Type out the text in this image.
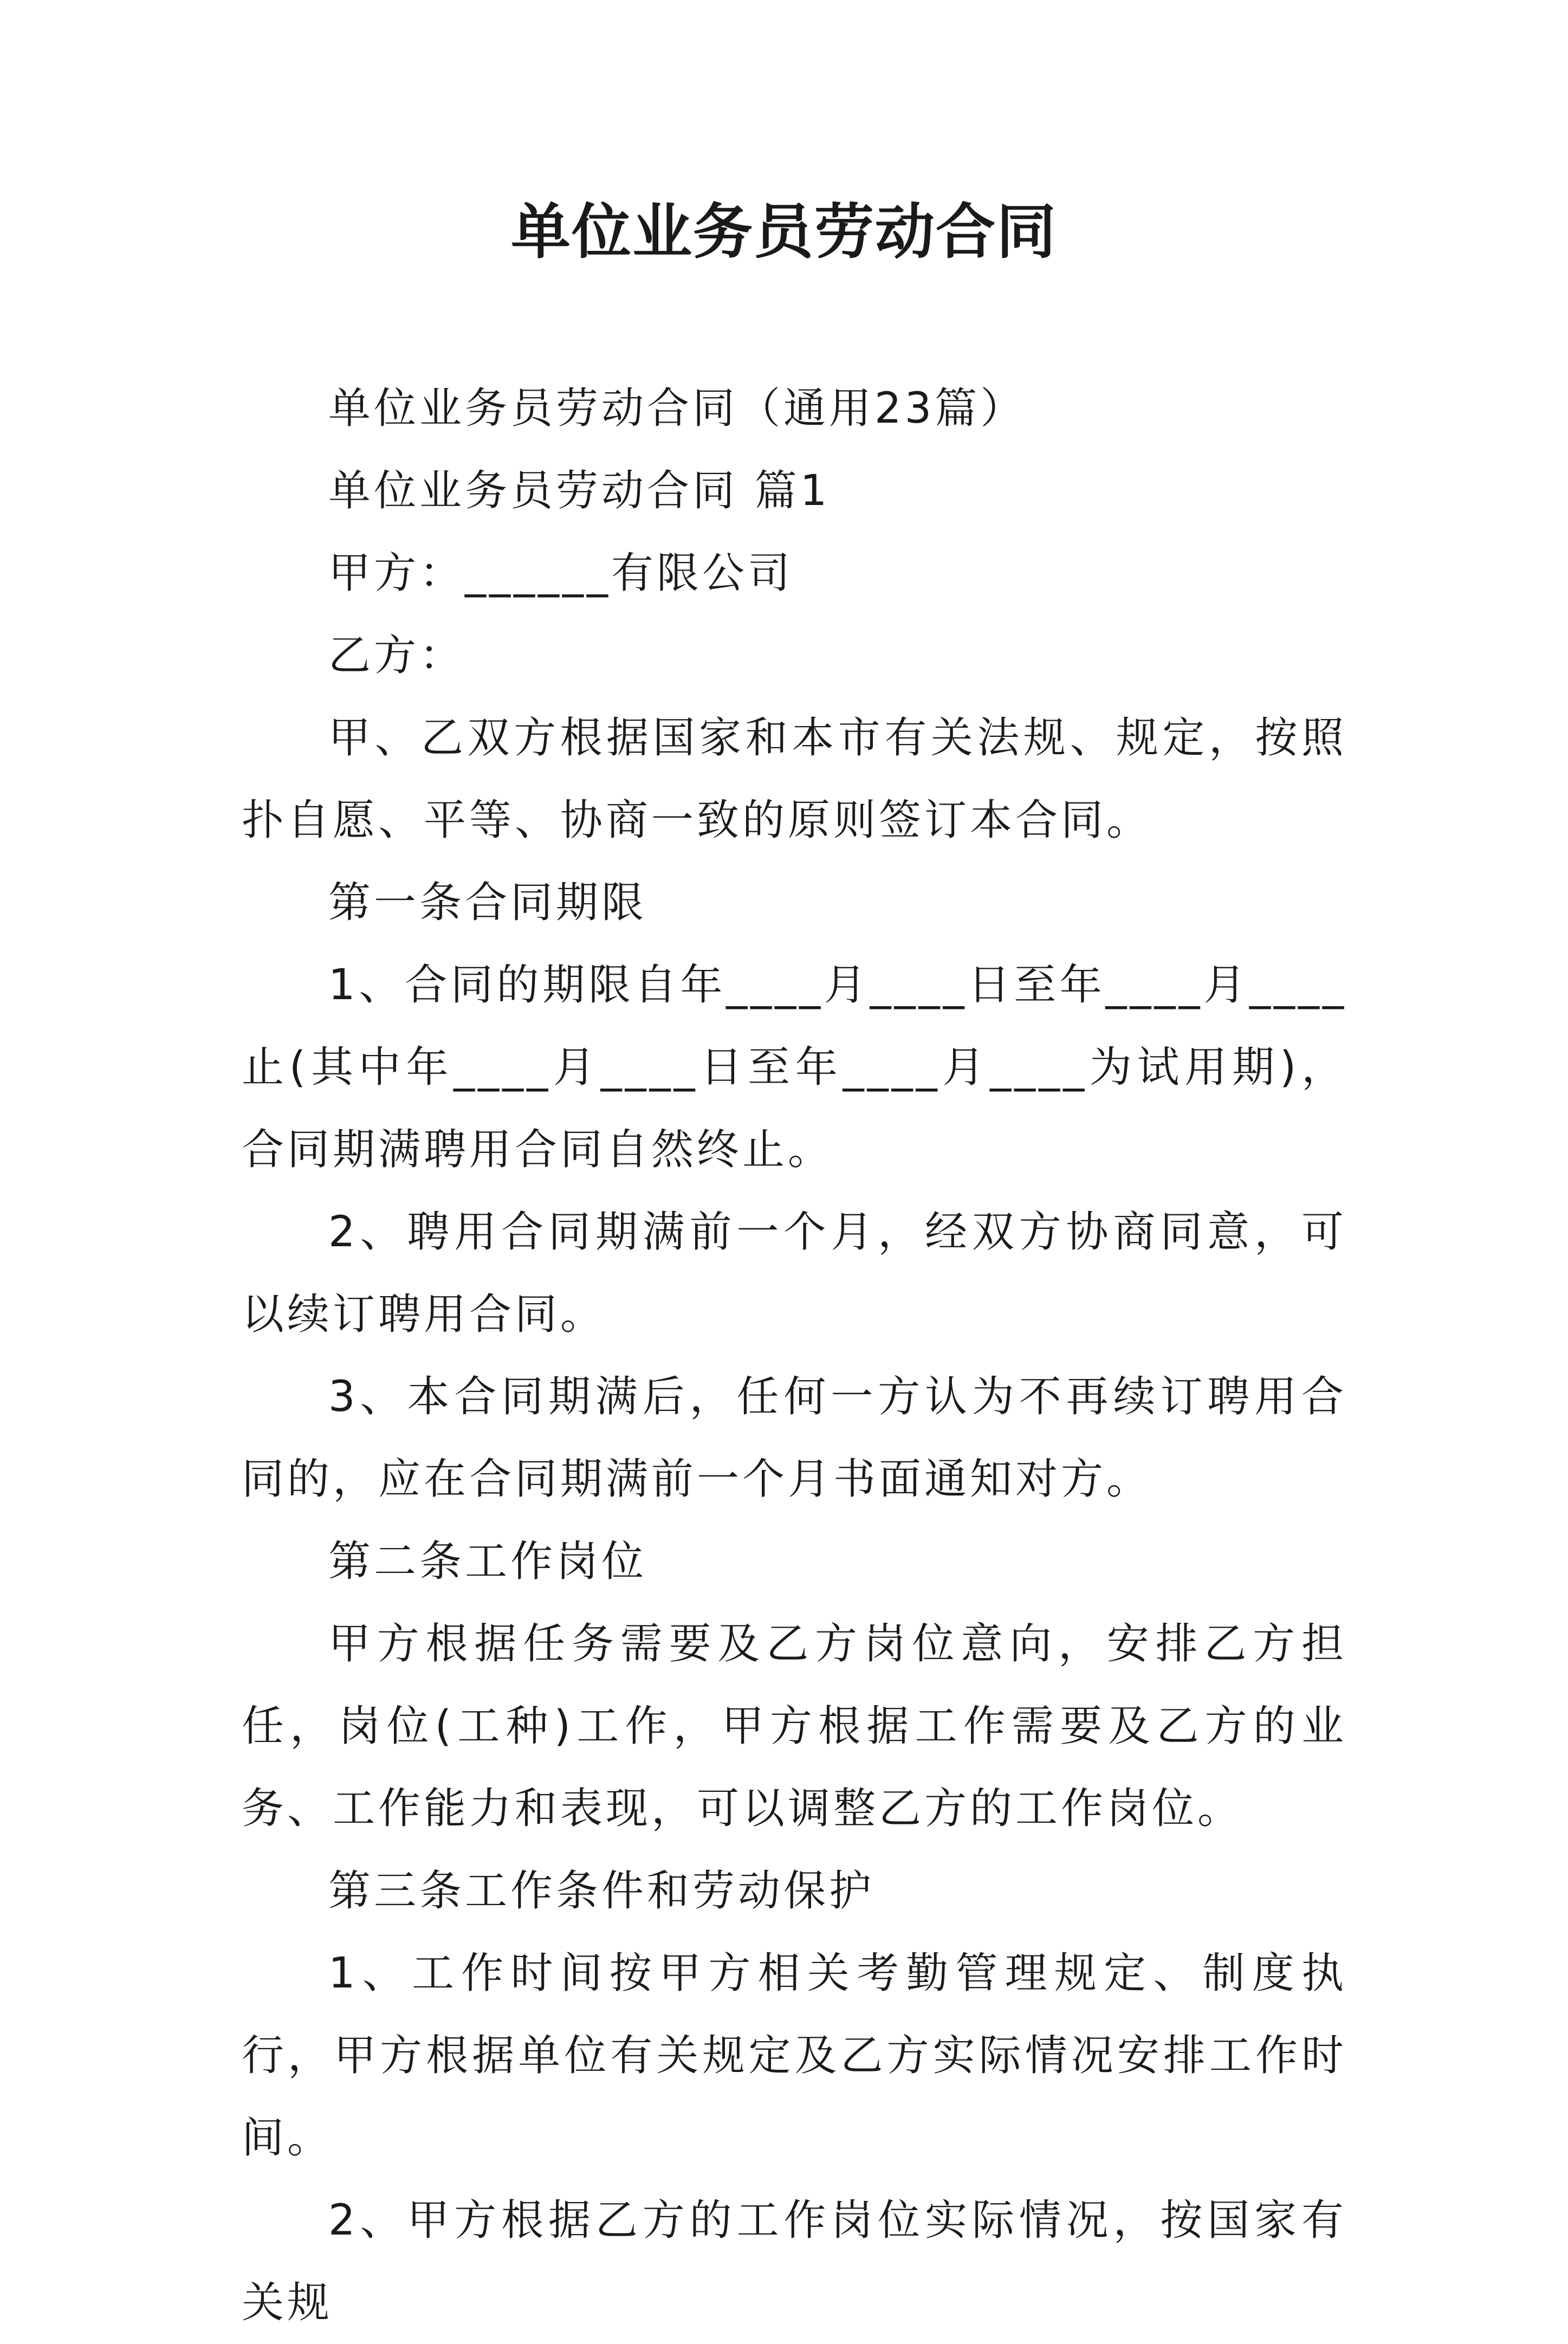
单位业务员劳动合同

单位业务员劳动合同（通用23篇）

单位业务员劳动合同 篇1

甲方：______有限公司

乙方：

甲、乙双方根据国家和本市有关法规、规定，按照扑自愿、平等、协商一致的原则签订本合同。

第一条合同期限

1、合同的期限自年____月____日至年____月____止(其中年____月____日至年____月____为试用期)，合同期满聘用合同自然终止。

2、聘用合同期满前一个月，经双方协商同意，可以续订聘用合同。

3、本合同期满后，任何一方认为不再续订聘用合同的，应在合同期满前一个月书面通知对方。

第二条工作岗位

甲方根据任务需要及乙方岗位意向，安排乙方担任，岗位(工种)工作，甲方根据工作需要及乙方的业务、工作能力和表现，可以调整乙方的工作岗位。

第三条工作条件和劳动保护

1、工作时间按甲方相关考勤管理规定、制度执行，甲方根据单位有关规定及乙方实际情况安排工作时间。

2、甲方根据乙方的工作岗位实际情况，按国家有关规
